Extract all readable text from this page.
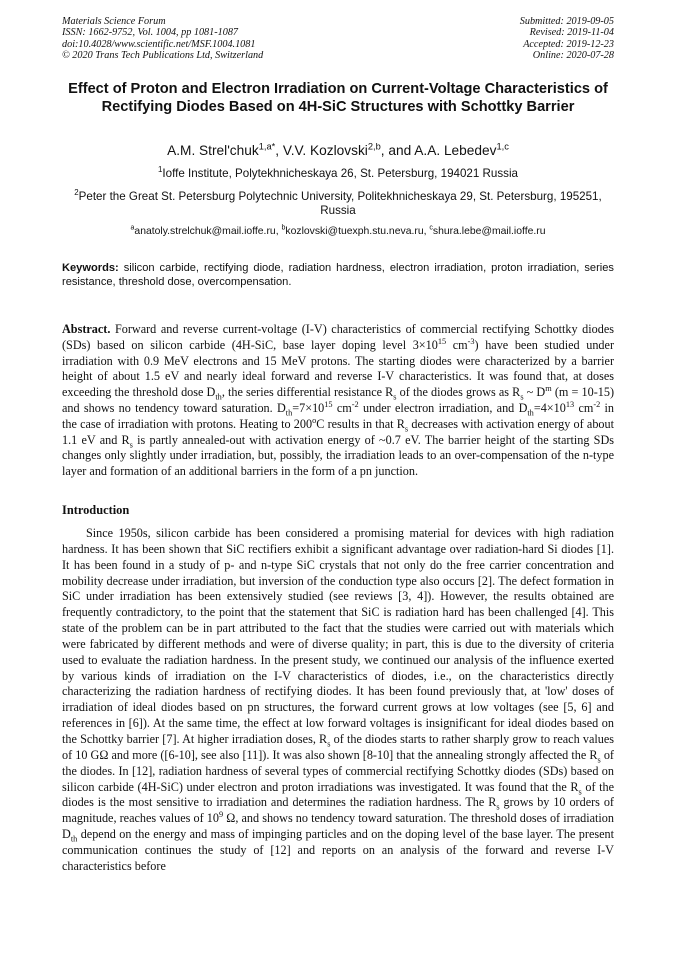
Materials Science Forum
ISSN: 1662-9752, Vol. 1004, pp 1081-1087
doi:10.4028/www.scientific.net/MSF.1004.1081
© 2020 Trans Tech Publications Ltd, Switzerland
Submitted: 2019-09-05
Revised: 2019-11-04
Accepted: 2019-12-23
Online: 2020-07-28
Effect of Proton and Electron Irradiation on Current-Voltage Characteristics of Rectifying Diodes Based on 4H-SiC Structures with Schottky Barrier
A.M. Strel'chuk$^{1,a*}$, V.V. Kozlovski$^{2,b}$, and A.A. Lebedev$^{1,c}$
$^1$Ioffe Institute, Polytekhnicheskaya 26, St. Petersburg, 194021 Russia
$^2$Peter the Great St. Petersburg Polytechnic University, Politekhnicheskaya 29, St. Petersburg, 195251, Russia
$^a$anatoly.strelchuk@mail.ioffe.ru, $^b$kozlovski@tuexph.stu.neva.ru, $^c$shura.lebe@mail.ioffe.ru
Keywords: silicon carbide, rectifying diode, radiation hardness, electron irradiation, proton irradiation, series resistance, threshold dose, overcompensation.
Abstract. Forward and reverse current-voltage (I-V) characteristics of commercial rectifying Schottky diodes (SDs) based on silicon carbide (4H-SiC, base layer doping level $3\times 10^{15}$ $cm^{-3}$) have been studied under irradiation with 0.9 MeV electrons and 15 MeV protons. The starting diodes were characterized by a barrier height of about 1.5 eV and nearly ideal forward and reverse I-V characteristics. It was found that, at doses exceeding the threshold dose $D_{th}$, the series differential resistance $R_s$ of the diodes grows as $R_s$ ~ $D^m$ (m = 10-15) and shows no tendency toward saturation. $D_{th}=7\times 10^{15}$ $cm^{-2}$ under electron irradiation, and $D_{th}=4\times 10^{13}$ $cm^{-2}$ in the case of irradiation with protons. Heating to 200$^o$C results in that $R_s$ decreases with activation energy of about 1.1 eV and $R_s$ is partly annealed-out with activation energy of ~0.7 eV. The barrier height of the starting SDs changes only slightly under irradiation, but, possibly, the irradiation leads to an over-compensation of the n-type layer and formation of an additional barriers in the form of a pn junction.
Introduction
Since 1950s, silicon carbide has been considered a promising material for devices with high radiation hardness. It has been shown that SiC rectifiers exhibit a significant advantage over radiation-hard Si diodes [1]. It has been found in a study of p- and n-type SiC crystals that not only do the free carrier concentration and mobility decrease under irradiation, but inversion of the conduction type also occurs [2]. The defect formation in SiC under irradiation has been extensively studied (see reviews [3, 4]). However, the results obtained are frequently contradictory, to the point that the statement that SiC is radiation hard has been challenged [4]. This state of the problem can be in part attributed to the fact that the studies were carried out with materials which were fabricated by different methods and were of diverse quality; in part, this is due to the diversity of criteria used to evaluate the radiation hardness. In the present study, we continued our analysis of the influence exerted by various kinds of irradiation on the I-V characteristics of diodes, i.e., on the characteristics directly characterizing the radiation hardness of rectifying diodes. It has been found previously that, at 'low' doses of irradiation of ideal diodes based on pn structures, the forward current grows at low voltages (see [5, 6] and references in [6]). At the same time, the effect at low forward voltages is insignificant for ideal diodes based on the Schottky barrier [7]. At higher irradiation doses, $R_s$ of the diodes starts to rather sharply grow to reach values of 10 GΩ and more ([6-10], see also [11]). It was also shown [8-10] that the annealing strongly affected the $R_s$ of the diodes. In [12], radiation hardness of several types of commercial rectifying Schottky diodes (SDs) based on silicon carbide (4H-SiC) under electron and proton irradiations was investigated. It was found that the $R_s$ of the diodes is the most sensitive to irradiation and determines the radiation hardness. The $R_s$ grows by 10 orders of magnitude, reaches values of $10^9$ Ω, and shows no tendency toward saturation. The threshold doses of irradiation $D_{th}$ depend on the energy and mass of impinging particles and on the doping level of the base layer. The present communication continues the study of [12] and reports on an analysis of the forward and reverse I-V characteristics before
